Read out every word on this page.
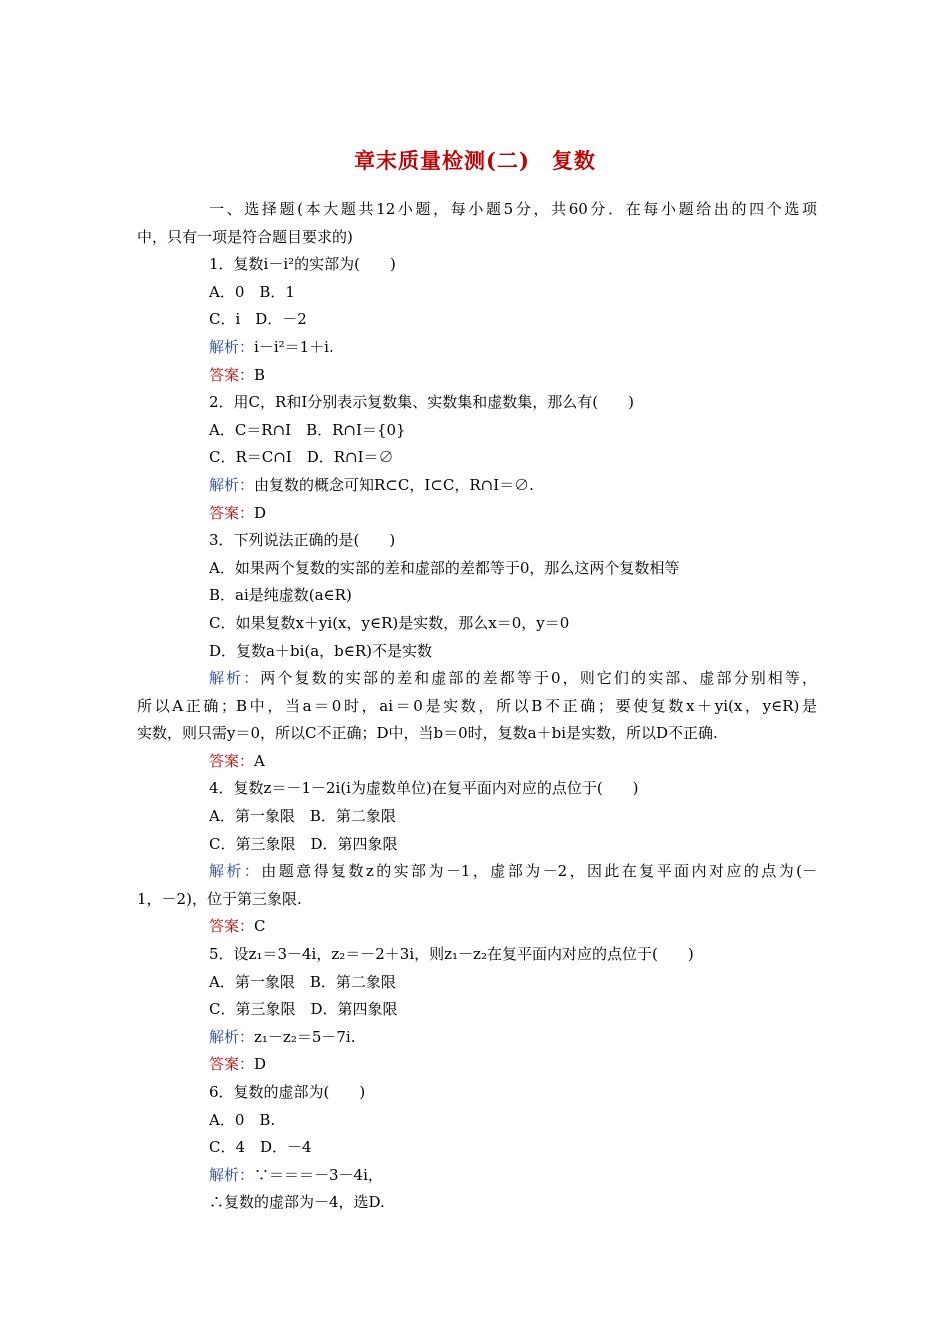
章末质量检测(二)　复数
一、选择题(本大题共12小题，每小题5分，共60分．在每小题给出的四个选项
中，只有一项是符合题目要求的)
1．复数i－i²的实部为(　　)
A．0　B．1
C．i　D．－2
解析：i－i²＝1＋i.
答案：B
2．用C，R和I分别表示复数集、实数集和虚数集，那么有(　　)
A．C＝R∩I　B．R∩I＝{0}
C．R＝C∩I　D．R∩I＝∅
解析：由复数的概念可知R⊂C，I⊂C，R∩I＝∅.
答案：D
3．下列说法正确的是(　　)
A．如果两个复数的实部的差和虚部的差都等于0，那么这两个复数相等
B．ai是纯虚数(a∈R)
C．如果复数x＋yi(x，y∈R)是实数，那么x＝0，y＝0
D．复数a＋bi(a，b∈R)不是实数
解析：两个复数的实部的差和虚部的差都等于0，则它们的实部、虚部分别相等，
所以A正确；B中，当a＝0时，ai＝0是实数，所以B不正确；要使复数x＋yi(x，y∈R)是
实数，则只需y＝0，所以C不正确；D中，当b＝0时，复数a＋bi是实数，所以D不正确.
答案：A
4．复数z＝－1－2i(i为虚数单位)在复平面内对应的点位于(　　)
A．第一象限　B．第二象限
C．第三象限　D．第四象限
解析：由题意得复数z的实部为－1，虚部为－2，因此在复平面内对应的点为(－
1，－2)，位于第三象限.
答案：C
5．设z₁＝3－4i，z₂＝－2＋3i，则z₁－z₂在复平面内对应的点位于(　　)
A．第一象限　B．第二象限
C．第三象限　D．第四象限
解析：z₁－z₂＝5－7i.
答案：D
6．复数的虚部为(　　)
A．0　B.
C．4　D．－4
解析：∵＝＝＝－3－4i，
∴复数的虚部为－4，选D.
